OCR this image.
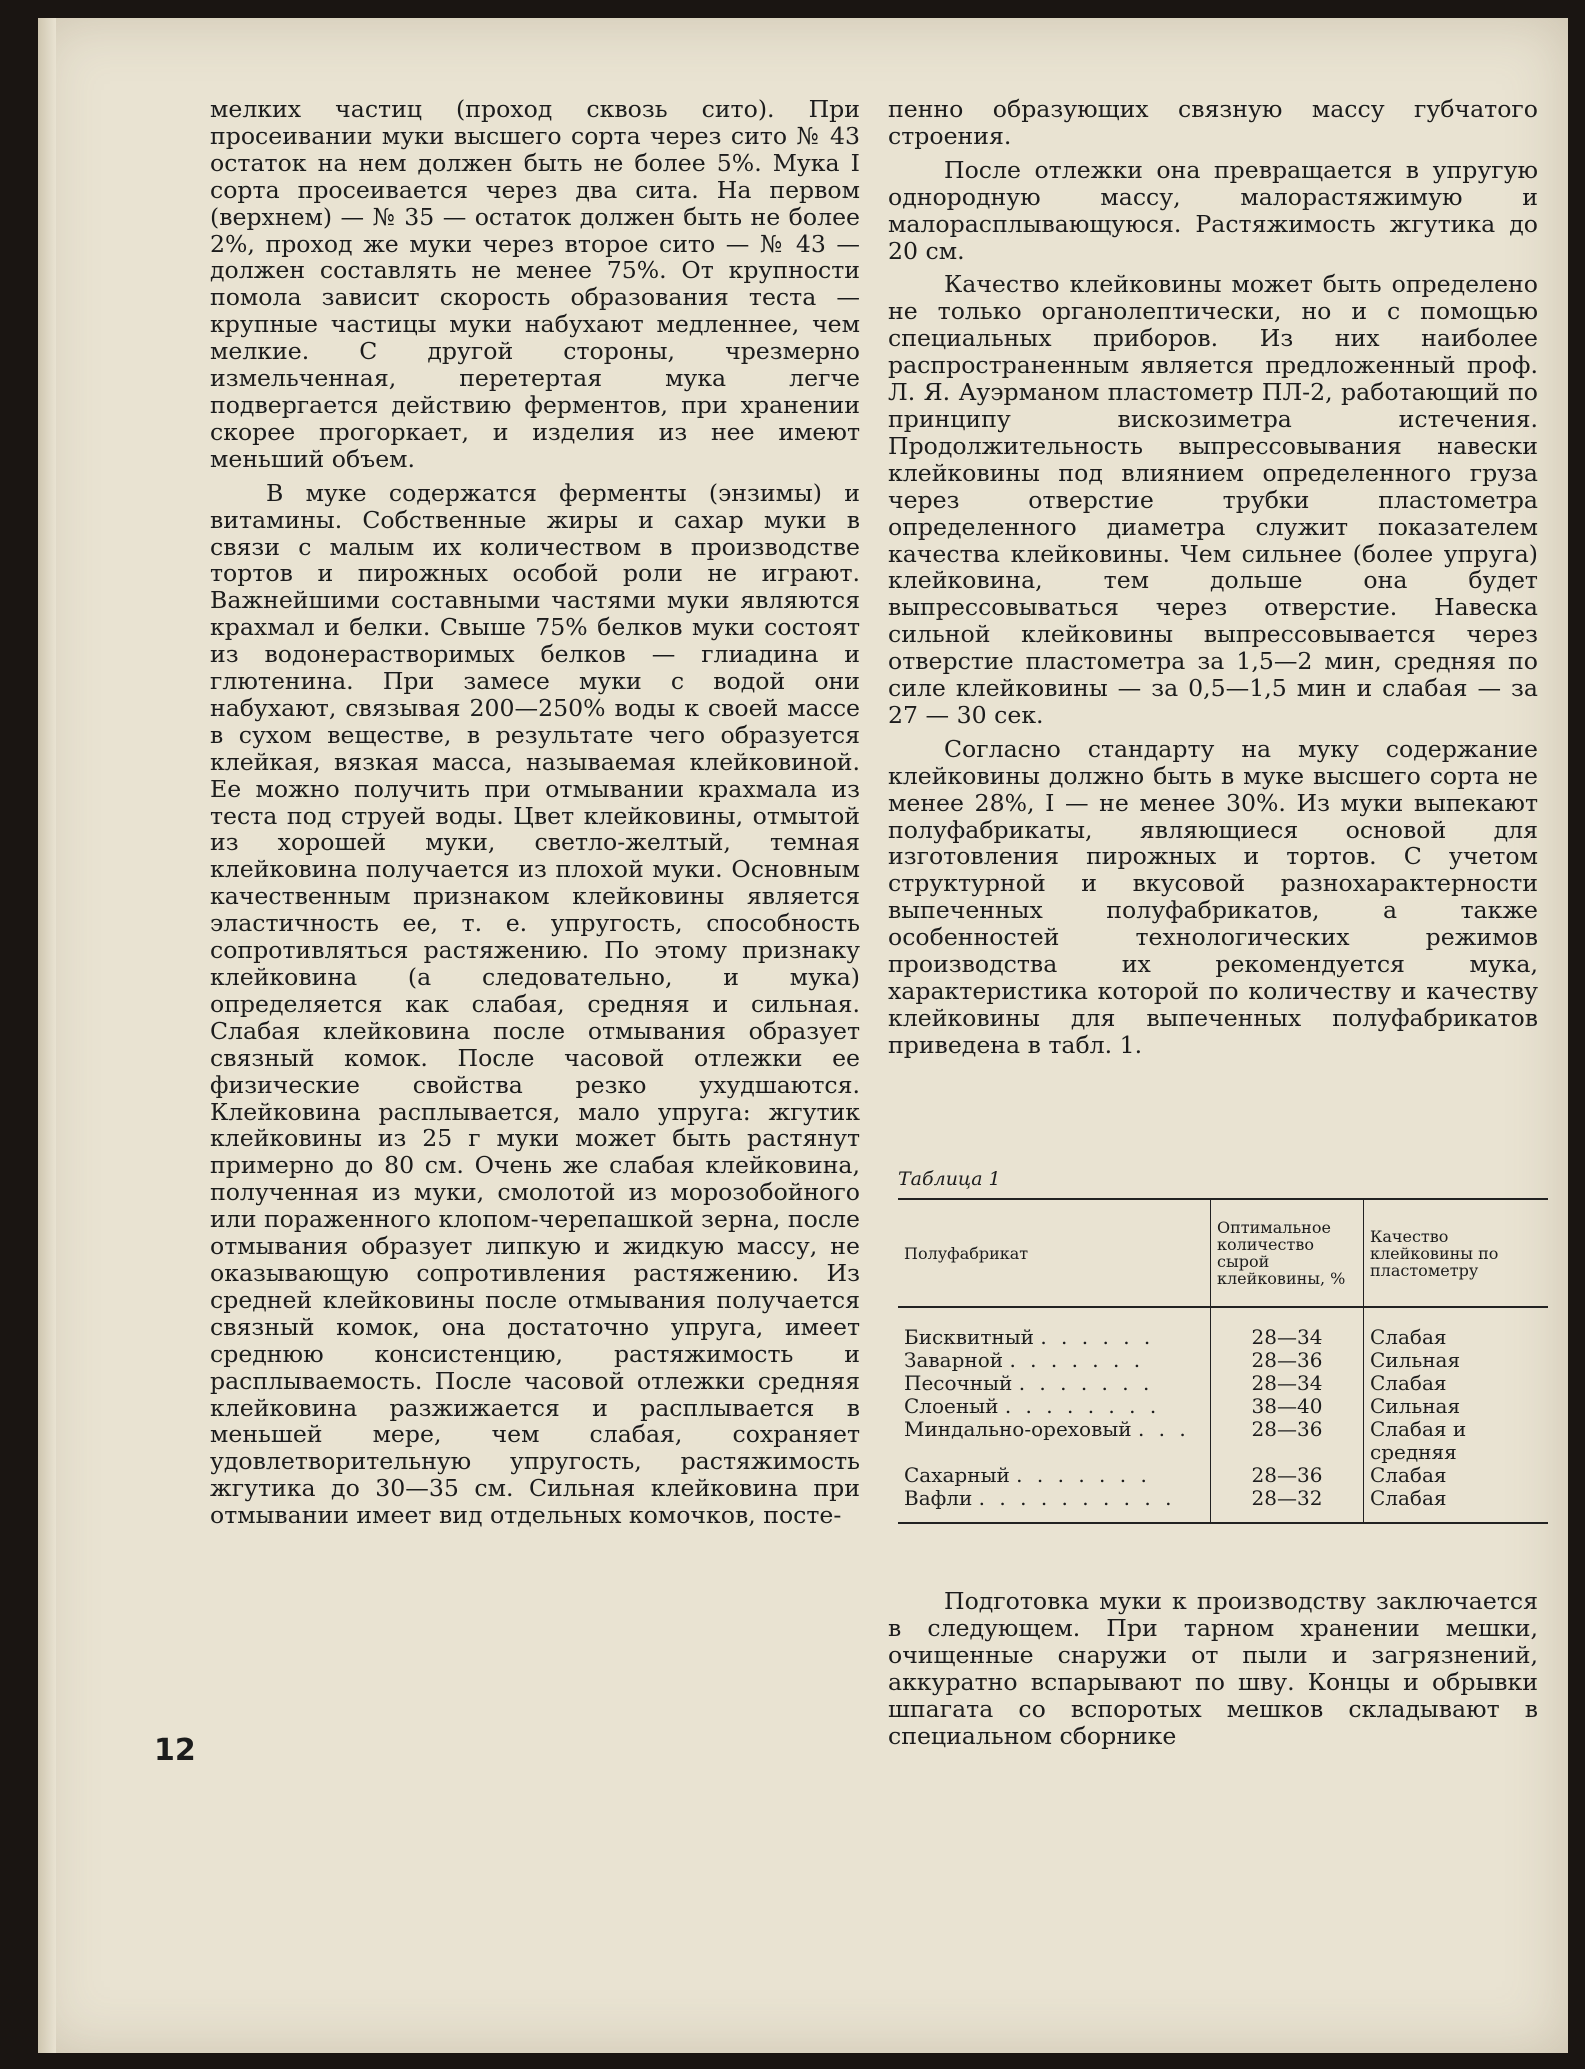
мелких частиц (проход сквозь сито). При просеивании муки высшего сорта через сито № 43 остаток на нем должен быть не более 5%. Мука I сорта просеивается через два сита. На первом (верхнем) — № 35 — остаток должен быть не более 2%, проход же муки через второе сито — № 43 — должен составлять не менее 75%. От крупности помола зависит скорость образования теста — крупные частицы муки набухают медленнее, чем мелкие. С другой стороны, чрезмерно измельченная, перетертая мука легче подвергается действию ферментов, при хранении скорее прогоркает, и изделия из нее имеют меньший объем.

В муке содержатся ферменты (энзимы) и витамины. Собственные жиры и сахар муки в связи с малым их количеством в производстве тортов и пирожных особой роли не играют. Важнейшими составными частями муки являются крахмал и белки. Свыше 75% белков муки состоят из водонерастворимых белков — глиадина и глютенина. При замесе муки с водой они набухают, связывая 200—250% воды к своей массе в сухом веществе, в результате чего образуется клейкая, вязкая масса, называемая клейковиной. Ее можно получить при отмывании крахмала из теста под струей воды. Цвет клейковины, отмытой из хорошей муки, светло-желтый, темная клейковина получается из плохой муки. Основным качественным признаком клейковины является эластичность ее, т. е. упругость, способность сопротивляться растяжению. По этому признаку клейковина (а следовательно, и мука) определяется как слабая, средняя и сильная. Слабая клейковина после отмывания образует связный комок. После часовой отлежки ее физические свойства резко ухудшаются. Клейковина расплывается, мало упруга: жгутик клейковины из 25 г муки может быть растянут примерно до 80 см. Очень же слабая клейковина, полученная из муки, смолотой из морозобойного или пораженного клопом-черепашкой зерна, после отмывания образует липкую и жидкую массу, не оказывающую сопротивления растяжению. Из средней клейковины после отмывания получается связный комок, она достаточно упруга, имеет среднюю консистенцию, растяжимость и расплываемость. После часовой отлежки средняя клейковина разжижается и расплывается в меньшей мере, чем слабая, сохраняет удовлетворительную упругость, растяжимость жгутика до 30—35 см. Сильная клейковина при отмывании имеет вид отдельных комочков, посте-

12

пенно образующих связную массу губчатого строения.

После отлежки она превращается в упругую однородную массу, малорастяжимую и малорасплывающуюся. Растяжимость жгутика до 20 см.

Качество клейковины может быть определено не только органолептически, но и с помощью специальных приборов. Из них наиболее распространенным является предложенный проф. Л. Я. Ауэрманом пластометр ПЛ-2, работающий по принципу вискозиметра истечения. Продолжительность выпрессовывания навески клейковины под влиянием определенного груза через отверстие трубки пластометра определенного диаметра служит показателем качества клейковины. Чем сильнее (более упруга) клейковина, тем дольше она будет выпрессовываться через отверстие. Навеска сильной клейковины выпрессовывается через отверстие пластометра за 1,5—2 мин, средняя по силе клейковины — за 0,5—1,5 мин и слабая — за 27 — 30 сек.

Согласно стандарту на муку содержание клейковины должно быть в муке высшего сорта не менее 28%, I — не менее 30%. Из муки выпекают полуфабрикаты, являющиеся основой для изготовления пирожных и тортов. С учетом структурной и вкусовой разнохарактерности выпеченных полуфабрикатов, а также особенностей технологических режимов производства их рекомендуется мука, характеристика которой по количеству и качеству клейковины для выпеченных полуфабрикатов приведена в табл. 1.

Таблица 1
Полуфабрикат	Оптимальное количество сырой клейковины, %	Качество клейковины по пластометру
Бисквитный . . . . . .	28—34	Слабая
Заварной . . . . . . .	28—36	Сильная
Песочный . . . . . . .	28—34	Слабая
Слоеный . . . . . . . .	38—40	Сильная
Миндально-ореховый . . .	28—36	Слабая и средняя
Сахарный . . . . . . .	28—36	Слабая
Вафли . . . . . . . . . .	28—32	Слабая

Подготовка муки к производству заключается в следующем. При тарном хранении мешки, очищенные снаружи от пыли и загрязнений, аккуратно вспарывают по шву. Концы и обрывки шпагата со вспоротых мешков складывают в специальном сборнике
